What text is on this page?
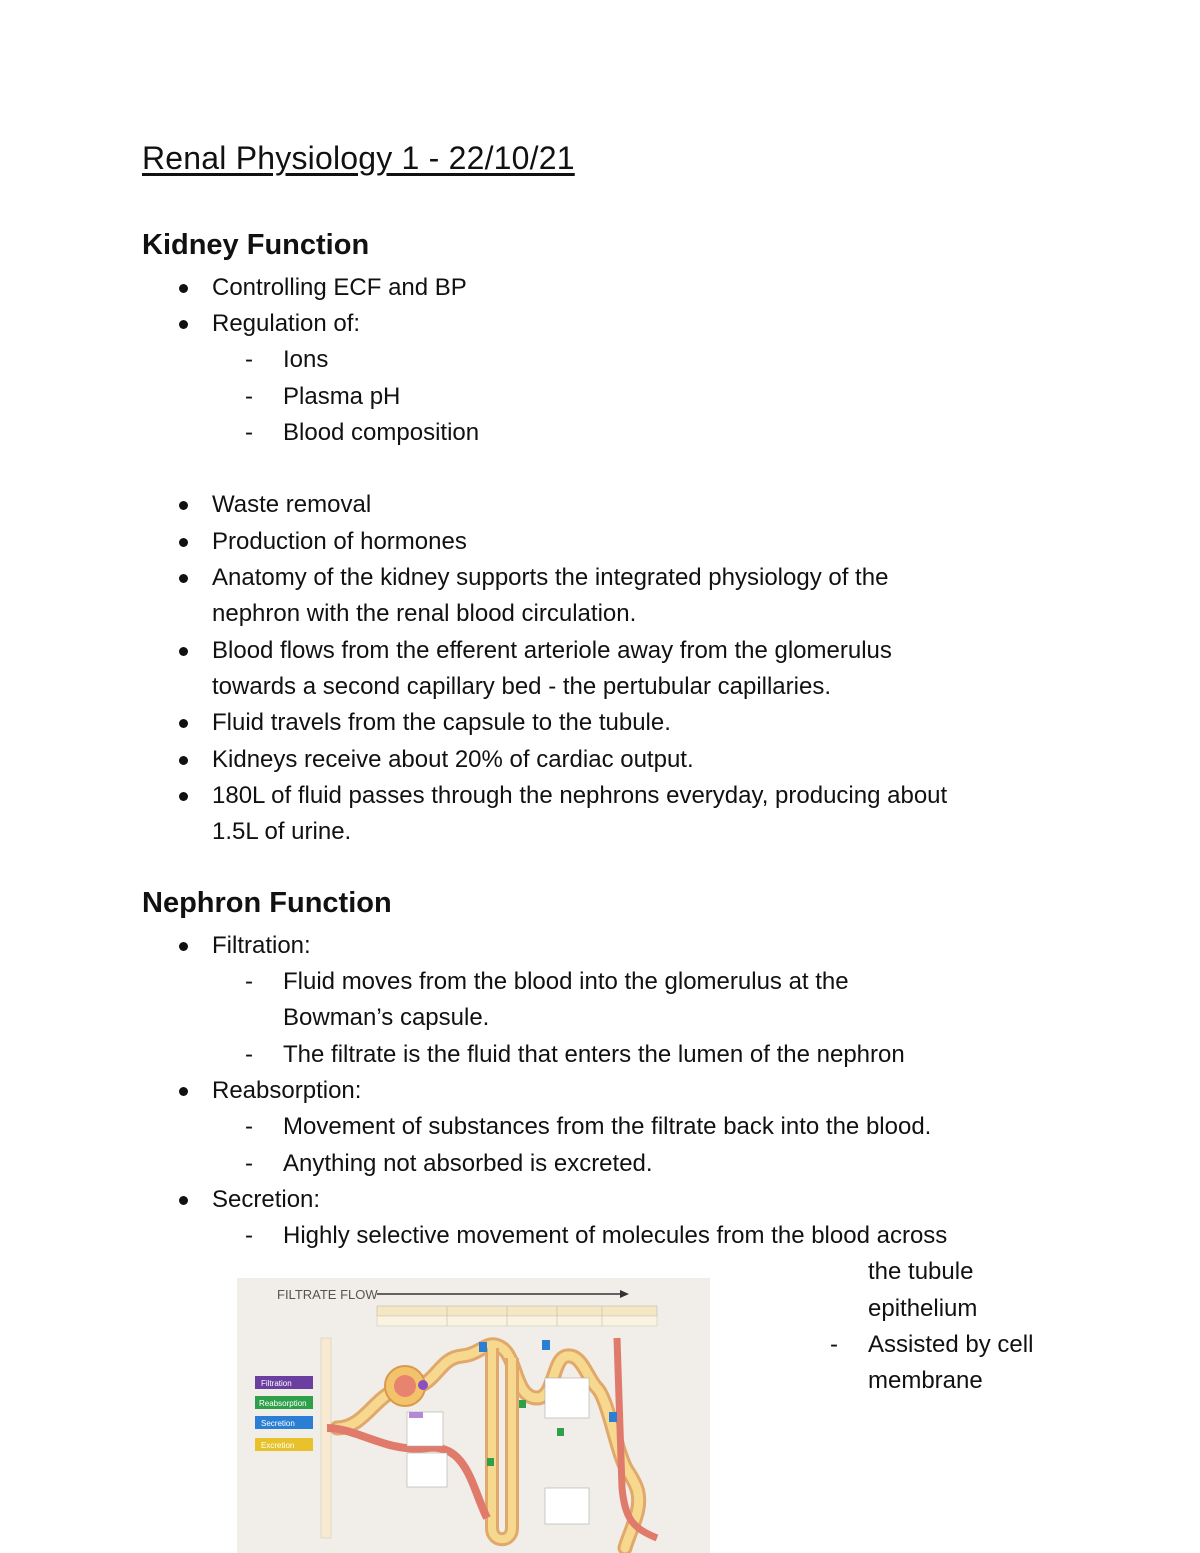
Renal Physiology 1 - 22/10/21
Kidney Function
Controlling ECF and BP
Regulation of:
- Ions
- Plasma pH
- Blood composition
Waste removal
Production of hormones
Anatomy of the kidney supports the integrated physiology of the
nephron with the renal blood circulation.
Blood flows from the efferent arteriole away from the glomerulus
towards a second capillary bed - the pertubular capillaries.
Fluid travels from the capsule to the tubule.
Kidneys receive about 20% of cardiac output.
180L of fluid passes through the nephrons everyday, producing about
1.5L of urine.
Nephron Function
Filtration:
- Fluid moves from the blood into the glomerulus at the
Bowman’s capsule.
- The filtrate is the fluid that enters the lumen of the nephron
Reabsorption:
- Movement of substances from the filtrate back into the blood.
- Anything not absorbed is excreted.
Secretion:
- Highly selective movement of molecules from the blood across
the tubule
epithelium
- Assisted by cell
membrane
FILTRATE FLOW
Filtration
Reabsorption
Secretion
Excretion
